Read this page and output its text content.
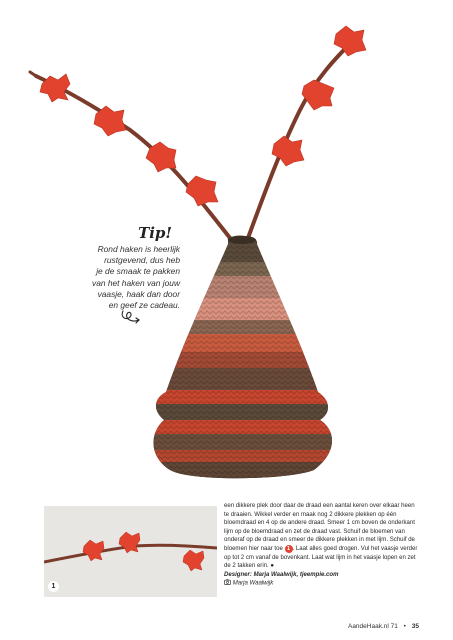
Tip!
Rond haken is heerlijk
rustgevend, dus heb
je de smaak te pakken
van het haken van jouw
vaasje, haak dan door
en geef ze cadeau.
1

een dikkere plek door daar de draad een aantal keren over elkaar heen te draaien. Wikkel verder en maak nog 2 dikkere plekken op één bloemdraad en 4 op de andere draad. Smeer 1 cm boven de onderkant lijm op de bloemdraad en zet de draad vast. Schuif de bloemen van onderaf op de draad en smeer de dikkere plekken in met lijm. Schuif de bloemen hier naar toe 1 . Laat alles goed drogen. Vul het vaasje verder op tot 2 cm vanaf de bovenkant. Laat wat lijm in het vaasje lopen en zet de 2 takken erin. ●

Designer: Marja Waalwijk, tjeempie.com

Marja Waalwijk

AandeHaak.nl 71 • 35
